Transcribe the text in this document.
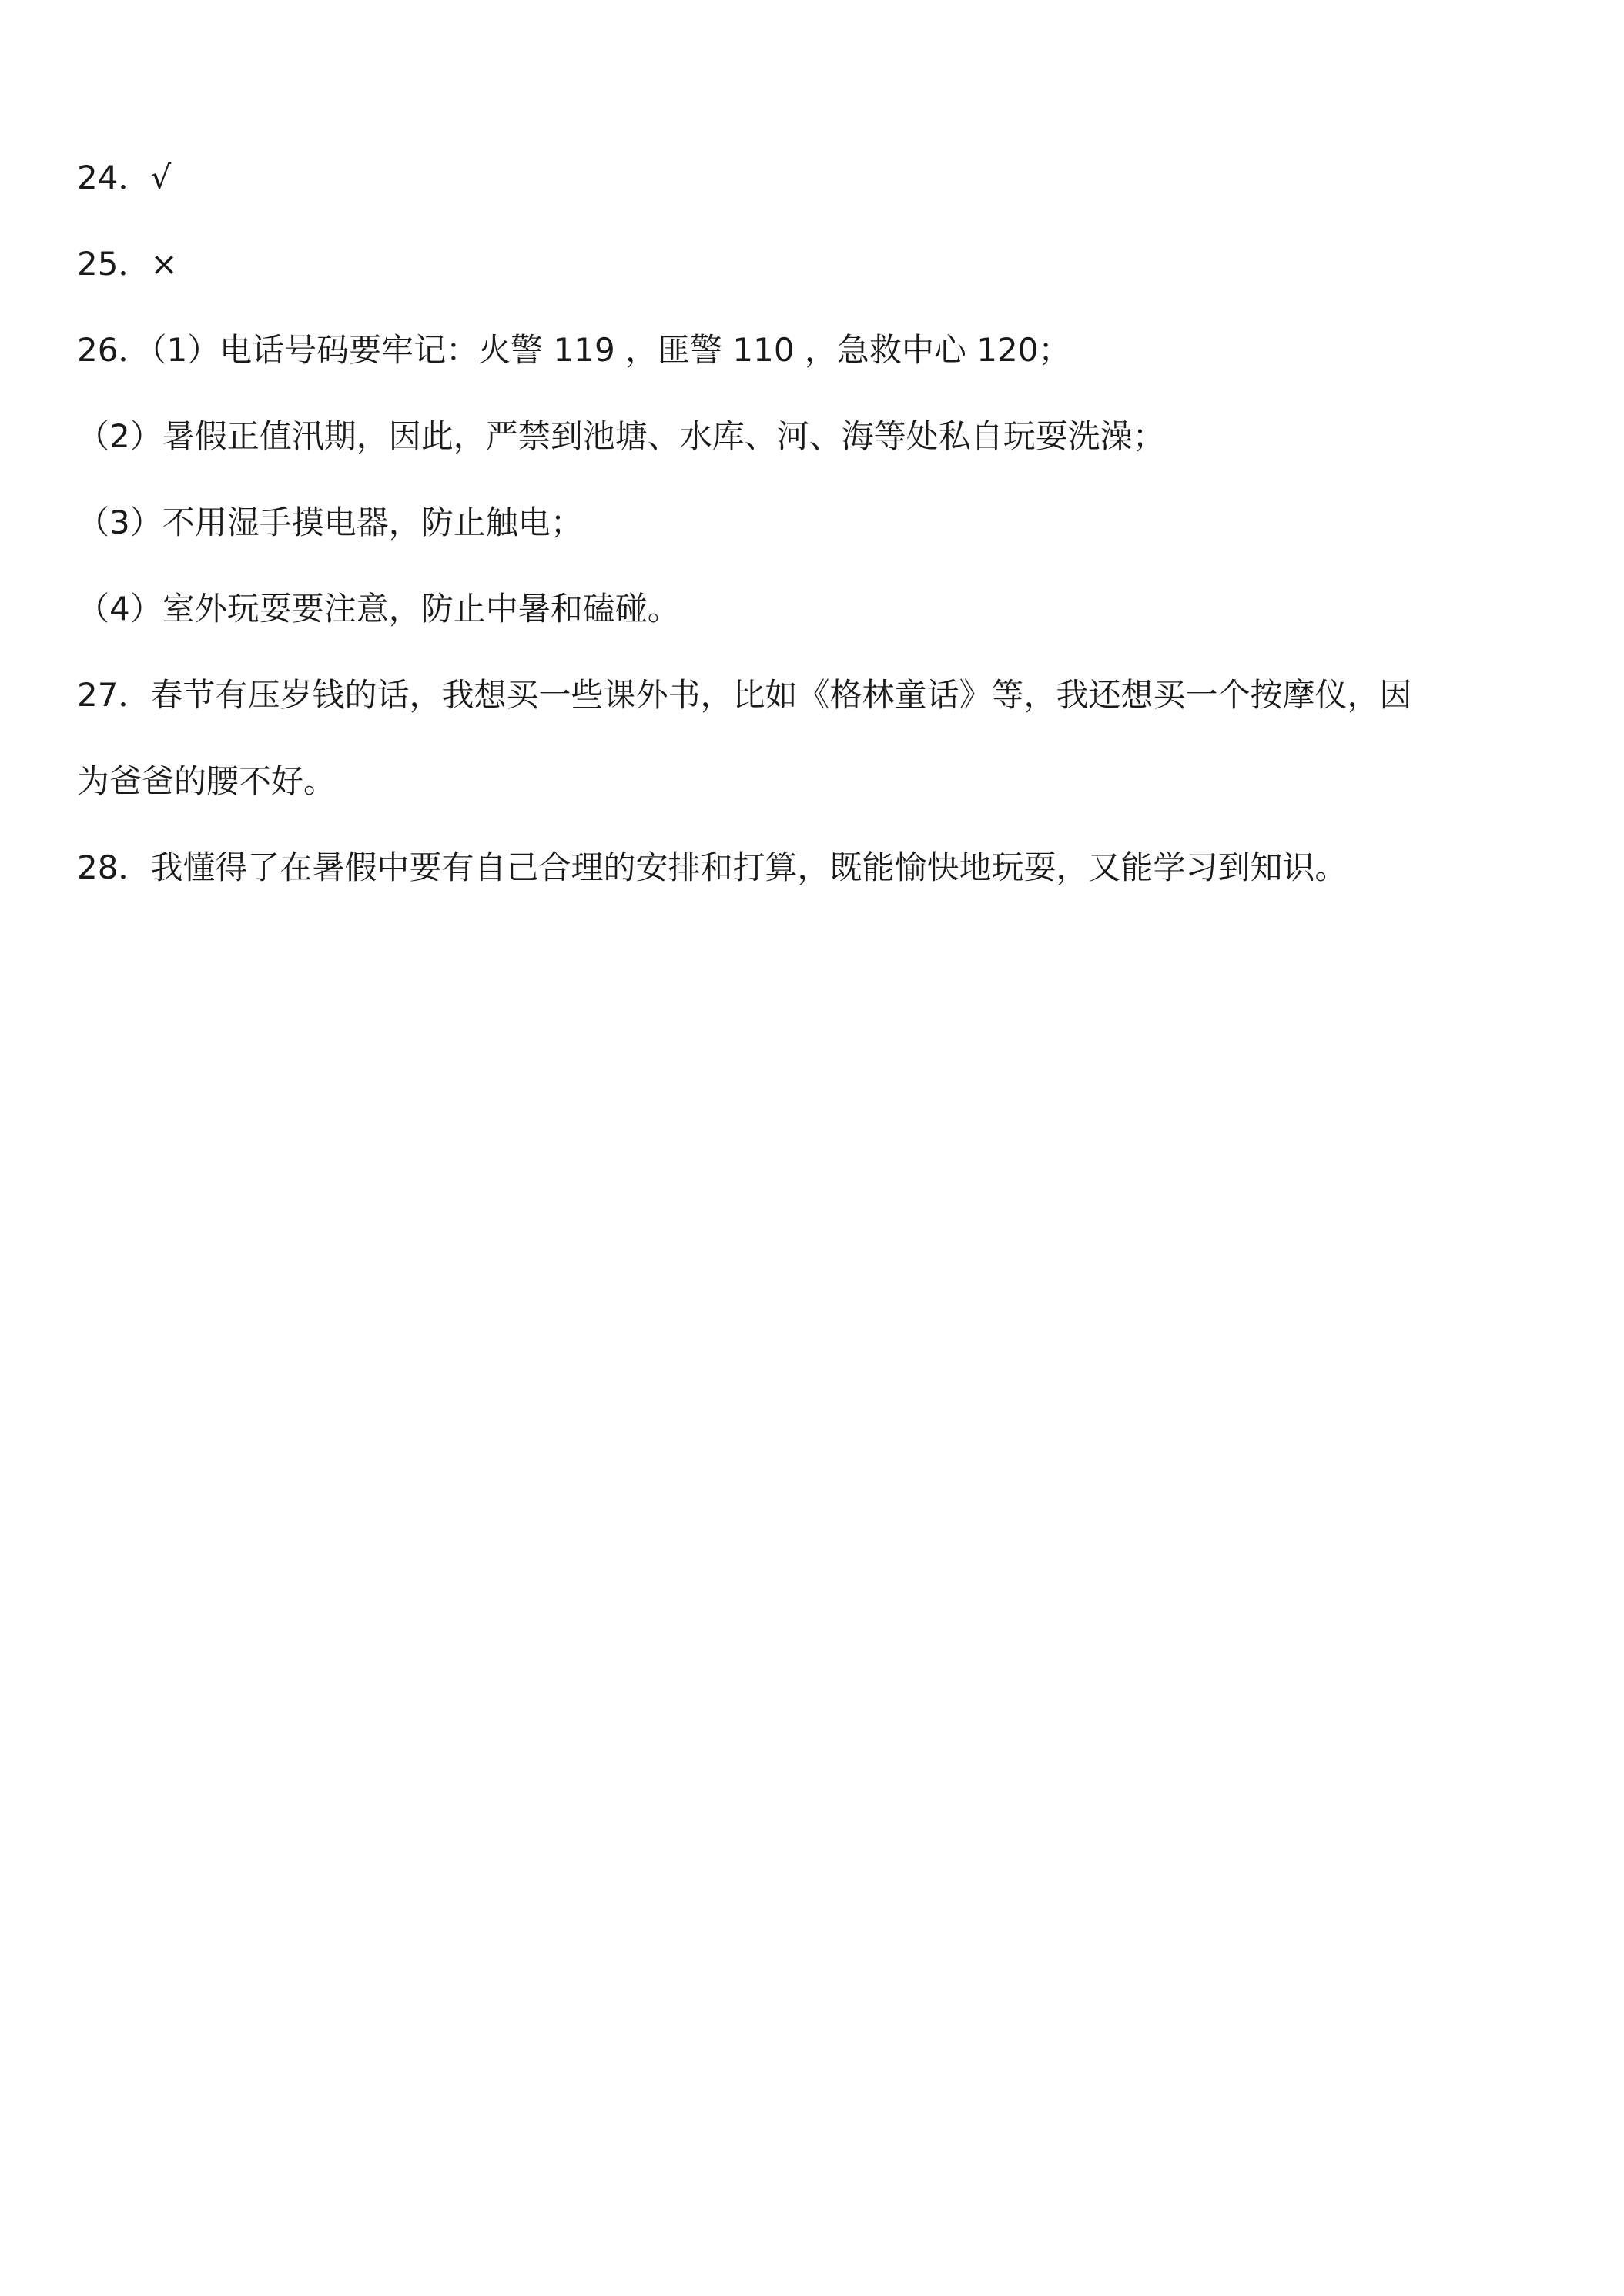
24．√
25．×
26．（1）电话号码要牢记：火警 119 ，匪警 110 ，急救中心 120；
（2）暑假正值汛期，因此，严禁到池塘、水库、河、海等处私自玩耍洗澡；
（3）不用湿手摸电器，防止触电；
（4）室外玩耍要注意，防止中暑和磕碰。
27．春节有压岁钱的话，我想买一些课外书，比如《格林童话》等，我还想买一个按摩仪，因
为爸爸的腰不好。
28．我懂得了在暑假中要有自己合理的安排和打算，既能愉快地玩耍，又能学习到知识。
